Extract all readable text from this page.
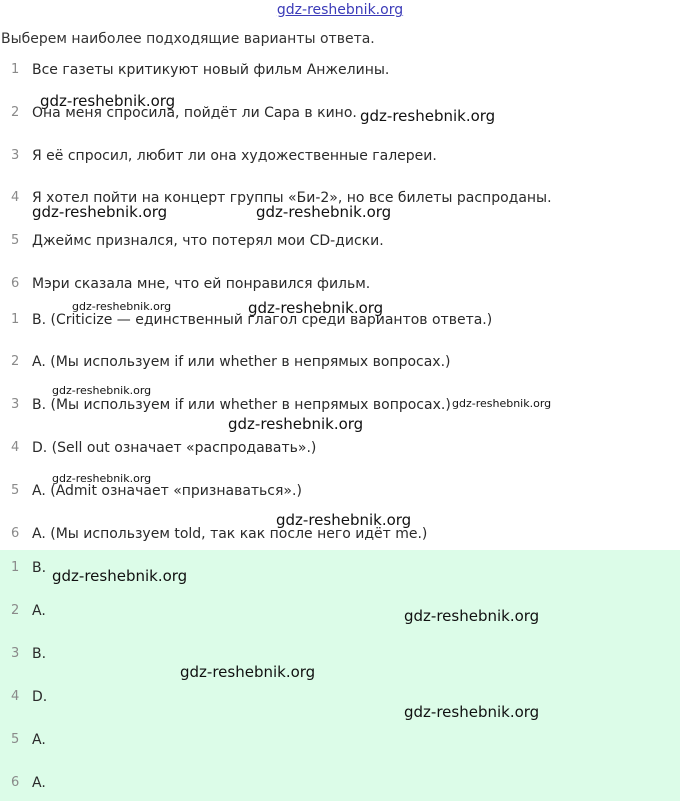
gdz-reshebnik.org
Выберем наиболее подходящие варианты ответа.
1 Все газеты критикуют новый фильм Анжелины.
2 Она меня спросила, пойдёт ли Сара в кино.
3 Я её спросил, любит ли она художественные галереи.
4 Я хотел пойти на концерт группы «Би-2», но все билеты распроданы.
5 Джеймс признался, что потерял мои CD-диски.
6 Мэри сказала мне, что ей понравился фильм.
1 B. (Criticize — единственный глагол среди вариантов ответа.)
2 A. (Мы используем if или whether в непрямых вопросах.)
3 B. (Мы используем if или whether в непрямых вопросах.)
4 D. (Sell out означает «распродавать».)
5 A. (Admit означает «признаваться».)
6 A. (Мы используем told, так как после него идёт me.)
1 B.
2 A.
3 B.
4 D.
5 A.
6 A.
gdz-reshebnik.org
gdz-reshebnik.org
gdz-reshebnik.org	gdz-reshebnik.org
gdz-reshebnik.org	gdz-reshebnik.org
gdz-reshebnik.org
gdz-reshebnik.org
gdz-reshebnik.org
gdz-reshebnik.org
gdz-reshebnik.org
gdz-reshebnik.org
gdz-reshebnik.org
gdz-reshebnik.org
gdz-reshebnik.org
